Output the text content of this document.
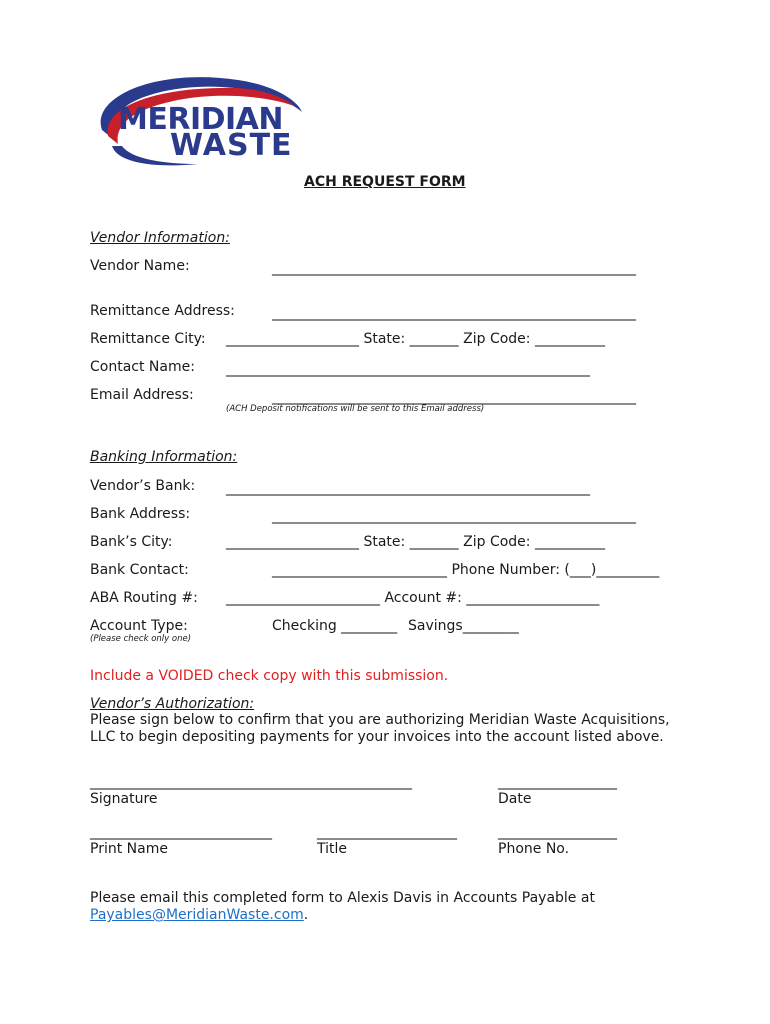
MERIDIAN
WASTE
ACH REQUEST FORM
Vendor Information:
Vendor Name:	____________________________________________________
Remittance Address:	____________________________________________________
Remittance City: ___________________ State: _______ Zip Code: __________
Contact Name: ____________________________________________________
Email Address:	____________________________________________________
(ACH Deposit notifications will be sent to this Email address)
Banking Information:
Vendor’s Bank: ____________________________________________________
Bank Address:	____________________________________________________
Bank’s City:	___________________ State: _______ Zip Code: __________
Bank Contact:	_________________________ Phone Number: (___)_________
ABA Routing #: ______________________ Account #: ___________________
Account Type:
(Please check only one)
Checking ________ Savings________
Include a VOIDED check copy with this submission.
Vendor’s Authorization:
Please sign below to confirm that you are authorizing Meridian Waste Acquisitions,
LLC to begin depositing payments for your invoices into the account listed above.
______________________________________________
Signature
_________________
Date
__________________________
Print Name
____________________
Title
_________________
Phone No.
Please email this completed form to Alexis Davis in Accounts Payable at
Payables@MeridianWaste.com.
